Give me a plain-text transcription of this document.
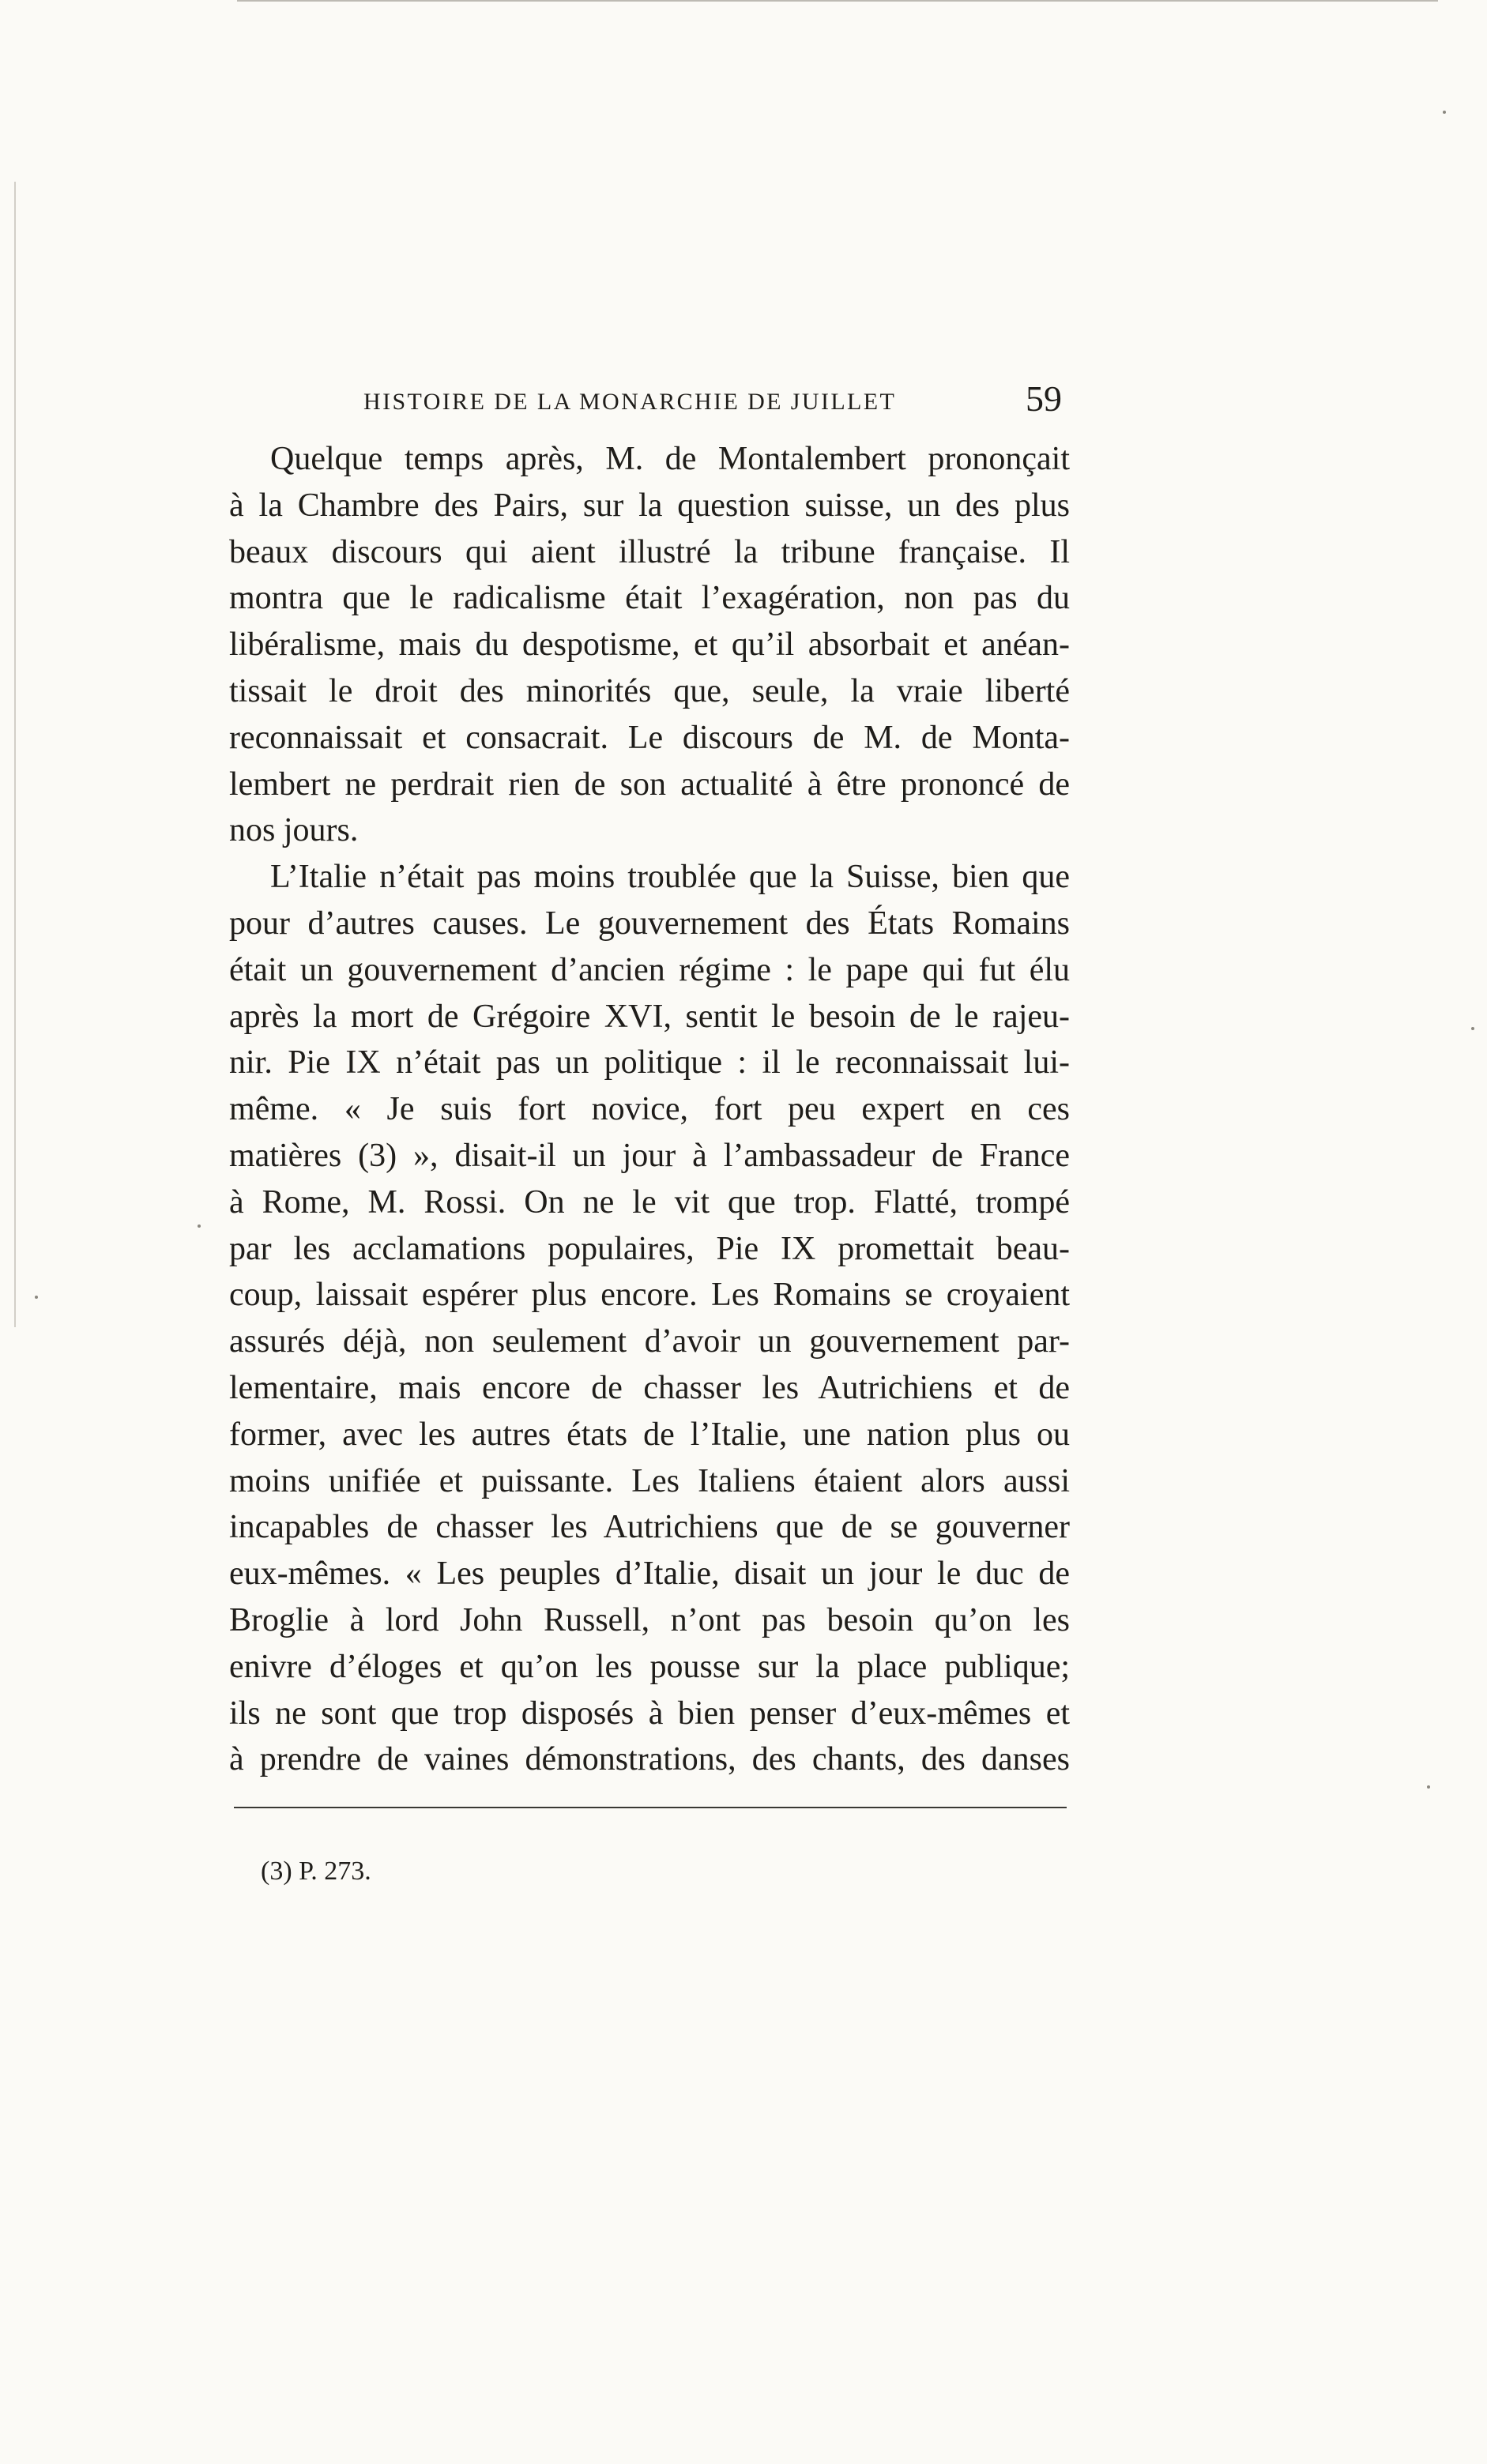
HISTOIRE DE LA MONARCHIE DE JUILLET	59
Quelque temps après, M. de Montalembert prononçait
à la Chambre des Pairs, sur la question suisse, un des plus
beaux discours qui aient illustré la tribune française. Il
montra que le radicalisme était l’exagération, non pas du
libéralisme, mais du despotisme, et qu’il absorbait et anéan-
tissait le droit des minorités que, seule, la vraie liberté
reconnaissait et consacrait. Le discours de M. de Monta-
lembert ne perdrait rien de son actualité à être prononcé de
nos jours.
L’Italie n’était pas moins troublée que la Suisse, bien que
pour d’autres causes. Le gouvernement des États Romains
était un gouvernement d’ancien régime : le pape qui fut élu
après la mort de Grégoire XVI, sentit le besoin de le rajeu-
nir. Pie IX n’était pas un politique : il le reconnaissait lui-
même. « Je suis fort novice, fort peu expert en ces
matières (3) », disait-il un jour à l’ambassadeur de France
à Rome, M. Rossi. On ne le vit que trop. Flatté, trompé
par les acclamations populaires, Pie IX promettait beau-
coup, laissait espérer plus encore. Les Romains se croyaient
assurés déjà, non seulement d’avoir un gouvernement par-
lementaire, mais encore de chasser les Autrichiens et de
former, avec les autres états de l’Italie, une nation plus ou
moins unifiée et puissante. Les Italiens étaient alors aussi
incapables de chasser les Autrichiens que de se gouverner
eux-mêmes. « Les peuples d’Italie, disait un jour le duc de
Broglie à lord John Russell, n’ont pas besoin qu’on les
enivre d’éloges et qu’on les pousse sur la place publique;
ils ne sont que trop disposés à bien penser d’eux-mêmes et
à prendre de vaines démonstrations, des chants, des danses
(3) P. 273.
